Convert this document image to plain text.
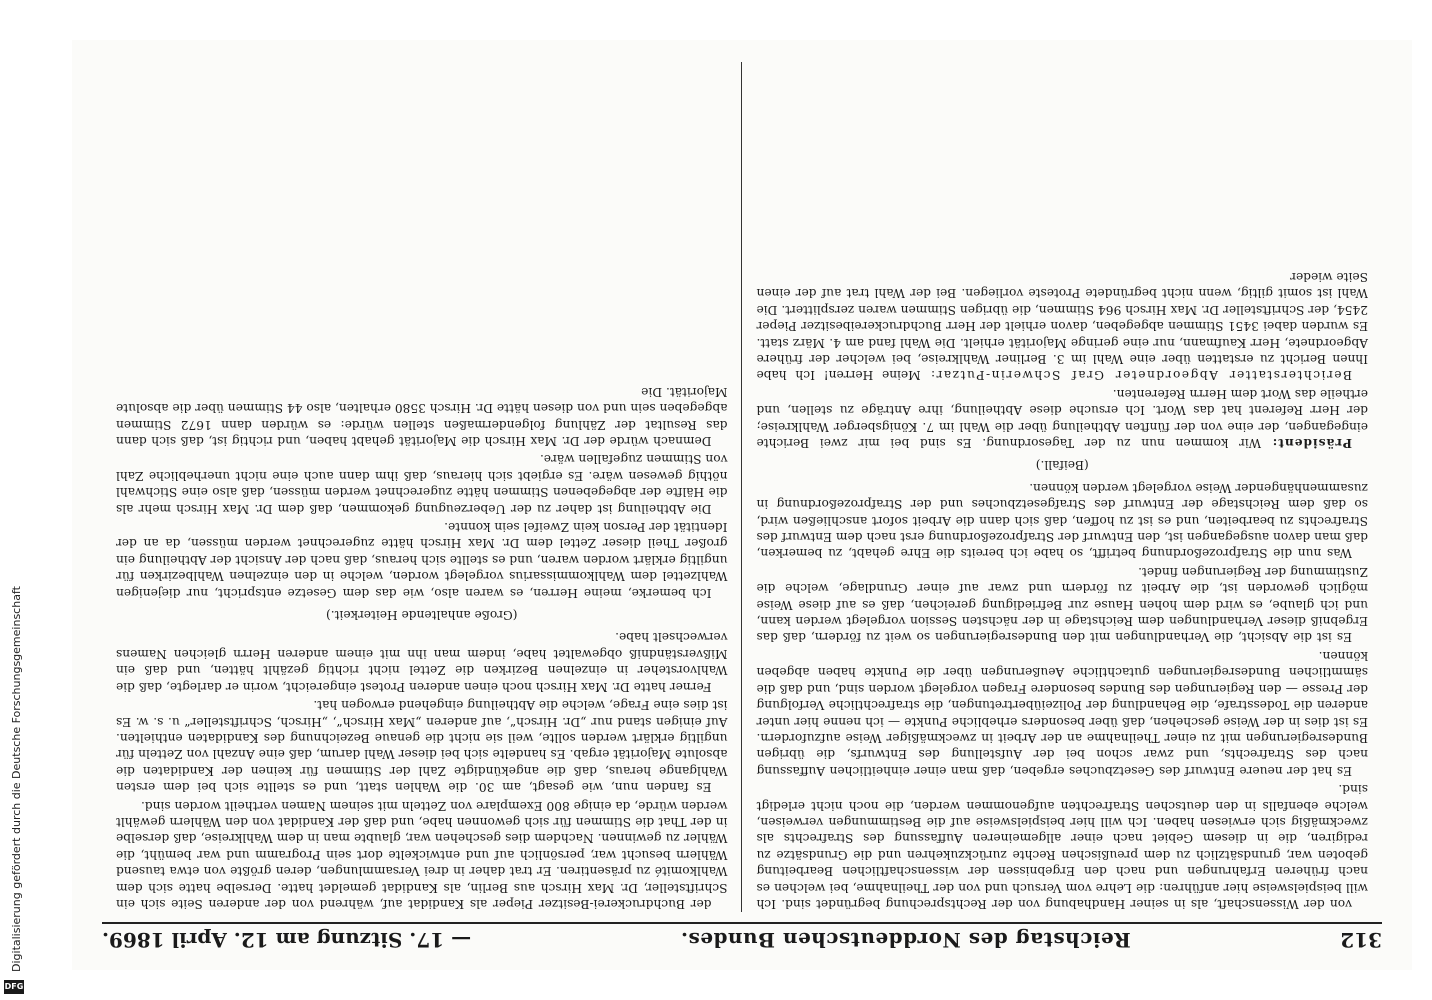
Digitalisierung gefördert durch die Deutsche Forschungsgemeinschaft
DFG
312
Reichstag des Norddeutschen Bundes.
— 17. Sitzung am 12. April 1869.

von der Wissenschaft, als in seiner Handhabung von der Rechtsprechung begründet sind. Ich will beispielsweise hier anführen: die Lehre vom Versuch und von der Theilnahme, bei welchen es nach früheren Erfahrungen und nach den Ergebnissen der wissenschaftlichen Bearbeitung geboten war, grundsätzlich zu dem preußischen Rechte zurückzukehren und die Grundsätze zu redigiren, die in diesem Gebiet nach einer allgemeineren Auffassung des Strafrechts als zweckmäßig sich erwiesen haben. Ich will hier beispielsweise auf die Bestimmungen verweisen, welche ebenfalls in den deutschen Strafrechten aufgenommen werden, die noch nicht erledigt sind.

Es hat der neuere Entwurf des Gesetzbuches ergeben, daß man einer einheitlichen Auffassung nach des Strafrechts, und zwar schon bei der Aufstellung des Entwurfs, die übrigen Bundesregierungen mit zu einer Theilnahme an der Arbeit in zweckmäßiger Weise aufzufordern. Es ist dies in der Weise geschehen, daß über besonders erhebliche Punkte — ich nenne hier unter anderen die Todesstrafe, die Behandlung der Polizeiübertretungen, die strafrechtliche Verfolgung der Presse — den Regierungen des Bundes besondere Fragen vorgelegt worden sind, und daß die sämmtlichen Bundesregierungen gutachtliche Aeußerungen über die Punkte haben abgeben können.

Es ist die Absicht, die Verhandlungen mit den Bundesregierungen so weit zu fördern, daß das Ergebniß dieser Verhandlungen dem Reichstage in der nächsten Session vorgelegt werden kann, und ich glaube, es wird dem hohen Hause zur Befriedigung gereichen, daß es auf diese Weise möglich geworden ist, die Arbeit zu fördern und zwar auf einer Grundlage, welche die Zustimmung der Regierungen findet.

Was nun die Strafprozeßordnung betrifft, so habe ich bereits die Ehre gehabt, zu bemerken, daß man davon ausgegangen ist, den Entwurf der Strafprozeßordnung erst nach dem Entwurf des Strafrechts zu bearbeiten, und es ist zu hoffen, daß sich dann die Arbeit sofort anschließen wird, so daß dem Reichstage der Entwurf des Strafgesetzbuches und der Strafprozeßordnung in zusammenhängender Weise vorgelegt werden können.

(Beifall.)

Präsident: Wir kommen nun zu der Tagesordnung. Es sind bei mir zwei Berichte eingegangen, der eine von der fünften Abtheilung über die Wahl im 7. Königsberger Wahlkreise; der Herr Referent hat das Wort. Ich ersuche diese Abtheilung, ihre Anträge zu stellen, und ertheile das Wort dem Herrn Referenten.

Berichterstatter Abgeordneter Graf Schwerin-Putzar: Meine Herren! Ich habe Ihnen Bericht zu erstatten über eine Wahl im 3. Berliner Wahlkreise, bei welcher der frühere Abgeordnete, Herr Kaufmann, nur eine geringe Majorität erhielt. Die Wahl fand am 4. März statt. Es wurden dabei 3451 Stimmen abgegeben, davon erhielt der Herr Buchdruckereibesitzer Pieper 2454, der Schriftsteller Dr. Max Hirsch 964 Stimmen, die übrigen Stimmen waren zersplittert. Die Wahl ist somit giltig, wenn nicht begründete Proteste vorliegen. Bei der Wahl trat auf der einen Seite wieder

der Buchdruckerei-Besitzer Pieper als Kandidat auf, während von der anderen Seite sich ein Schriftsteller, Dr. Max Hirsch aus Berlin, als Kandidat gemeldet hatte. Derselbe hatte sich dem Wahlkomité zu präsentiren. Er trat daher in drei Versammlungen, deren größte von etwa tausend Wählern besucht war, persönlich auf und entwickelte dort sein Programm und war bemüht, die Wähler zu gewinnen. Nachdem dies geschehen war, glaubte man in dem Wahlkreise, daß derselbe in der That die Stimmen für sich gewonnen habe, und daß der Kandidat von den Wählern gewählt werden würde, da einige 800 Exemplare von Zetteln mit seinem Namen vertheilt worden sind.

Es fanden nun, wie gesagt, am 30. die Wahlen statt, und es stellte sich bei dem ersten Wahlgange heraus, daß die angekündigte Zahl der Stimmen für keinen der Kandidaten die absolute Majorität ergab. Es handelte sich bei dieser Wahl darum, daß eine Anzahl von Zetteln für ungiltig erklärt werden sollte, weil sie nicht die genaue Bezeichnung des Kandidaten enthielten. Auf einigen stand nur „Dr. Hirsch“, auf anderen „Max Hirsch“, „Hirsch, Schriftsteller“ u. s. w. Es ist dies eine Frage, welche die Abtheilung eingehend erwogen hat.

Ferner hatte Dr. Max Hirsch noch einen anderen Protest eingereicht, worin er darlegte, daß die Wahlvorsteher in einzelnen Bezirken die Zettel nicht richtig gezählt hätten, und daß ein Mißverständniß obgewaltet habe, indem man ihn mit einem anderen Herrn gleichen Namens verwechselt habe.

(Große anhaltende Heiterkeit.)

Ich bemerke, meine Herren, es waren also, wie das dem Gesetze entspricht, nur diejenigen Wahlzettel dem Wahlkommissarius vorgelegt worden, welche in den einzelnen Wahlbezirken für ungiltig erklärt worden waren, und es stellte sich heraus, daß nach der Ansicht der Abtheilung ein großer Theil dieser Zettel dem Dr. Max Hirsch hätte zugerechnet werden müssen, da an der Identität der Person kein Zweifel sein konnte.

Die Abtheilung ist daher zu der Ueberzeugung gekommen, daß dem Dr. Max Hirsch mehr als die Hälfte der abgegebenen Stimmen hätte zugerechnet werden müssen, daß also eine Stichwahl nöthig gewesen wäre. Es ergiebt sich hieraus, daß ihm dann auch eine nicht unerhebliche Zahl von Stimmen zugefallen wäre.

Demnach würde der Dr. Max Hirsch die Majorität gehabt haben, und richtig ist, daß sich dann das Resultat der Zählung folgendermaßen stellen würde: es würden dann 1672 Stimmen abgegeben sein und von diesen hätte Dr. Hirsch 3580 erhalten, also 44 Stimmen über die absolute Majorität. Die
